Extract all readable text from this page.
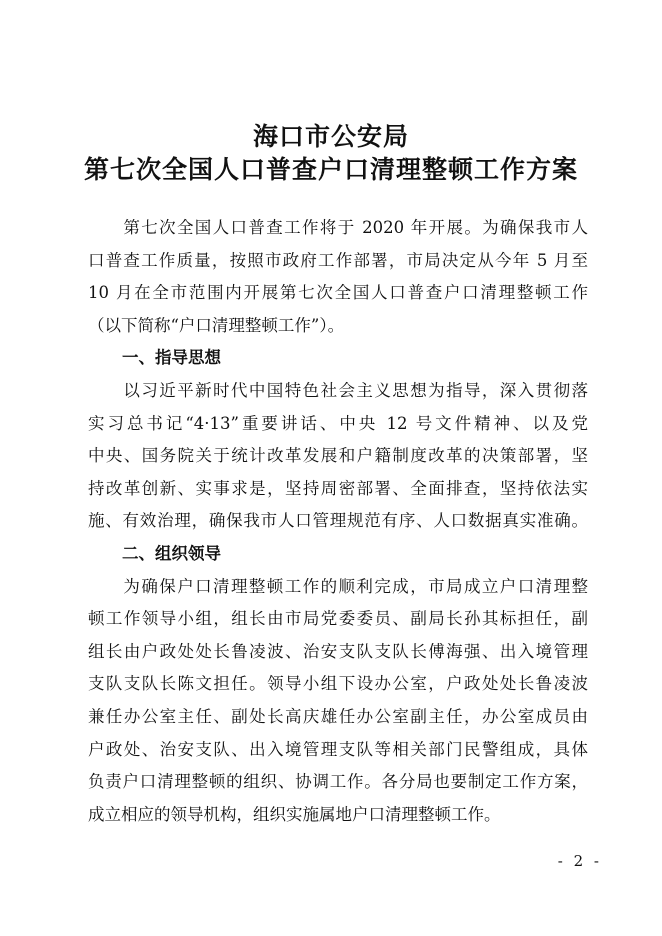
海口市公安局
第七次全国人口普查户口清理整顿工作方案

第七次全国人口普查工作将于 2020 年开展。为确保我市人

口普查工作质量，按照市政府工作部署，市局决定从今年 5 月至

10 月在全市范围内开展第七次全国人口普查户口清理整顿工作

（以下简称“户口清理整顿工作”）。

一、指导思想

以习近平新时代中国特色社会主义思想为指导，深入贯彻落

实习总书记“4·13”重要讲话、中央 12 号文件精神、以及党

中央、国务院关于统计改革发展和户籍制度改革的决策部署，坚

持改革创新、实事求是，坚持周密部署、全面排查，坚持依法实

施、有效治理，确保我市人口管理规范有序、人口数据真实准确。

二、组织领导

为确保户口清理整顿工作的顺利完成，市局成立户口清理整

顿工作领导小组，组长由市局党委委员、副局长孙其标担任，副

组长由户政处处长鲁凌波、治安支队支队长傅海强、出入境管理

支队支队长陈文担任。领导小组下设办公室，户政处处长鲁凌波

兼任办公室主任、副处长高庆雄任办公室副主任，办公室成员由

户政处、治安支队、出入境管理支队等相关部门民警组成，具体

负责户口清理整顿的组织、协调工作。各分局也要制定工作方案，

成立相应的领导机构，组织实施属地户口清理整顿工作。

- 2 -
